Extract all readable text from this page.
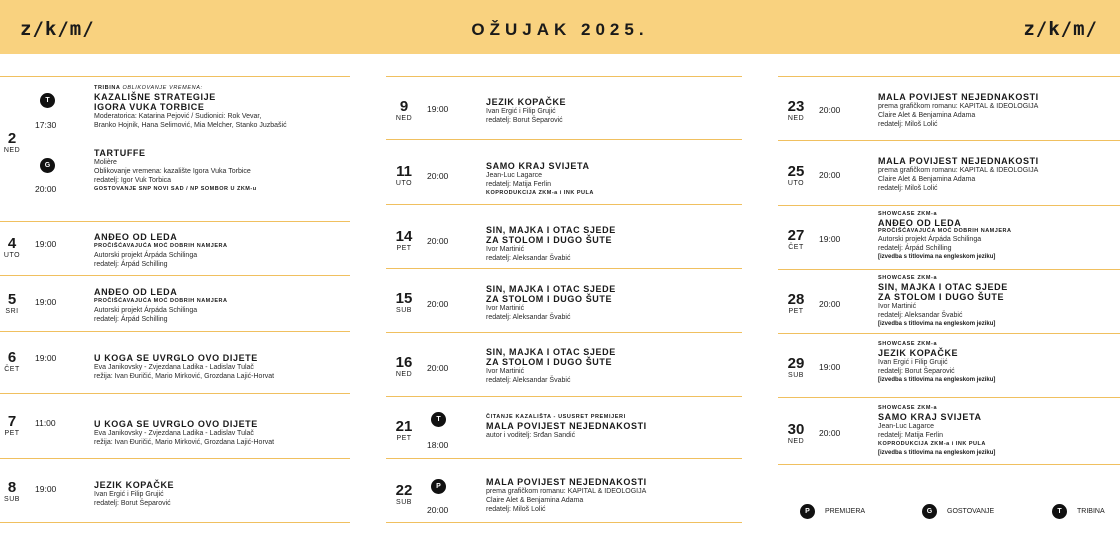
z/k/m/	OŽUJAK 2025.	z/k/m/
2
NED
T
17:30
TRIBINA OBLIKOVANJE VREMENA:
KAZALIŠNE STRATEGIJE
IGORA VUKA TORBICE
Moderatorica: Katarina Pejović / Sudionici: Rok Vevar,
Branko Hojnik, Hana Selimović, Mia Melcher, Stanko Juzbašić
G
20:00
TARTUFFE
Molière
Oblikovanje vremena: kazalište Igora Vuka Torbice
redatelj: Igor Vuk Torbica
GOSTOVANJE SNP NOVI SAD / NP SOMBOR U ZKM-u
4
UTO
19:00
ANĐEO OD LEDA
PROČIŠĆAVAJUĆA MOĆ DOBRIH NAMJERA
Autorski projekt Árpáda Schilinga
redatelj: Árpád Schilling
5
SRI
19:00
ANĐEO OD LEDA
PROČIŠĆAVAJUĆA MOĆ DOBRIH NAMJERA
Autorski projekt Árpáda Schilinga
redatelj: Árpád Schilling
6
ČET
19:00	U KOGA SE UVRGLO OVO DIJETE
Eva Janikovsky - Zvjezdana Ladika - Ladislav Tulač
režija: Ivan Đuričić, Mario Mirković, Grozdana Lajić-Horvat
7
PET
11:00	U KOGA SE UVRGLO OVO DIJETE
Eva Janikovsky - Zvjezdana Ladika - Ladislav Tulač
režija: Ivan Đuričić, Mario Mirković, Grozdana Lajić-Horvat
8
SUB
19:00	JEZIK KOPAČKE
Ivan Ergić i Filip Grujić
redatelj: Borut Šeparović
9
NED
19:00
JEZIK KOPAČKE
Ivan Ergić i Filip Grujić
redatelj: Borut Šeparović
11
UTO
20:00
SAMO KRAJ SVIJETA
Jean-Luc Lagarce
redatelj: Matija Ferlin
KOPRODUKCIJA ZKM-a i INK PULA
14
PET
20:00
SIN, MAJKA I OTAC SJEDE
ZA STOLOM I DUGO ŠUTE
Ivor Martinić
redatelj: Aleksandar Švabić
15
SUB
20:00
SIN, MAJKA I OTAC SJEDE
ZA STOLOM I DUGO ŠUTE
Ivor Martinić
redatelj: Aleksandar Švabić
16
NED
20:00
SIN, MAJKA I OTAC SJEDE
ZA STOLOM I DUGO ŠUTE
Ivor Martinić
redatelj: Aleksandar Švabić
21
PET
T
18:00
ČITANJE KAZALIŠTA - USUSRET PREMIJERI
MALA POVIJEST NEJEDNAKOSTI
autor i voditelj: Srđan Sandić
22
SUB
P
20:00
MALA POVIJEST NEJEDNAKOSTI
prema grafičkom romanu: KAPITAL & IDEOLOGIJA
Claire Alet & Benjamina Adama
redatelj: Miloš Lolić
23
NED
20:00
MALA POVIJEST NEJEDNAKOSTI
prema grafičkom romanu: KAPITAL & IDEOLOGIJA
Claire Alet & Benjamina Adama
redatelj: Miloš Lolić
25
UTO
20:00
MALA POVIJEST NEJEDNAKOSTI
prema grafičkom romanu: KAPITAL & IDEOLOGIJA
Claire Alet & Benjamina Adama
redatelj: Miloš Lolić
27
ČET
19:00
SHOWCASE ZKM-a
ANĐEO OD LEDA
PROČIŠĆAVAJUĆA MOĆ DOBRIH NAMJERA
Autorski projekt Árpáda Schilinga
redatelj: Árpád Schilling
[izvedba s titlovima na engleskom jeziku]
28
PET
20:00
SHOWCASE ZKM-a
SIN, MAJKA I OTAC SJEDE
ZA STOLOM I DUGO ŠUTE
Ivor Martinić
redatelj: Aleksandar Švabić
[izvedba s titlovima na engleskom jeziku]
29
SUB
19:00
SHOWCASE ZKM-a
JEZIK KOPAČKE
Ivan Ergić i Filip Grujić
redatelj: Borut Šeparović
[izvedba s titlovima na engleskom jeziku]
30
NED
20:00
SHOWCASE ZKM-a
SAMO KRAJ SVIJETA
Jean-Luc Lagarce
redatelj: Matija Ferlin
KOPRODUKCIJA ZKM-a i INK PULA
[izvedba s titlovima na engleskom jeziku]
P	PREMIJERA	G	GOSTOVANJE	T	TRIBINA
